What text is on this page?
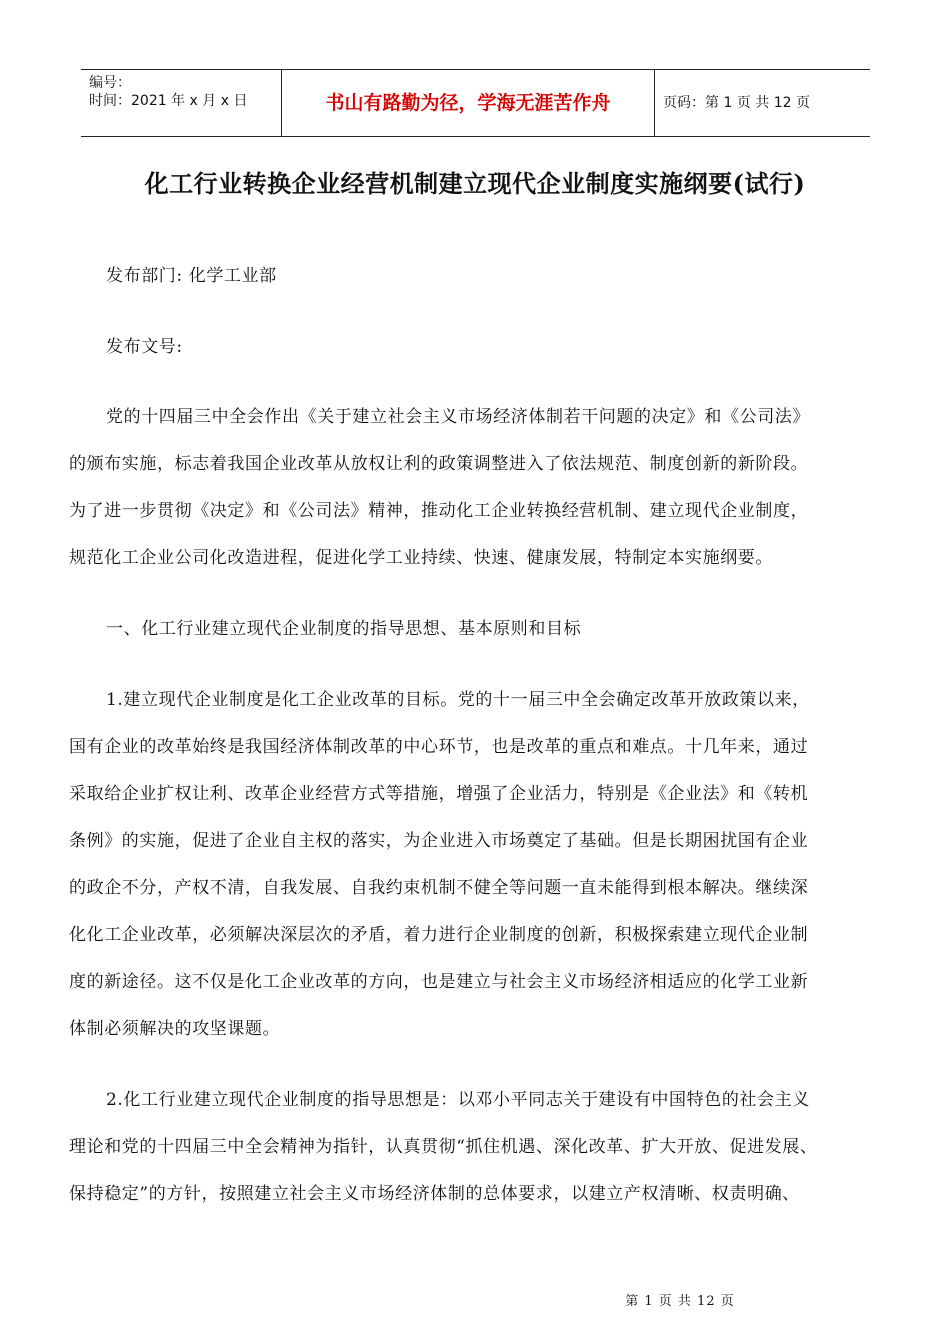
编号：
时间：2021 年 x 月 x 日	书山有路勤为径，学海无涯苦作舟	页码：第 1 页 共 12 页
化工行业转换企业经营机制建立现代企业制度实施纲要(试行)

发布部门: 化学工业部

发布文号:

党的十四届三中全会作出《关于建立社会主义市场经济体制若干问题的决定》和《公司法》

的颁布实施，标志着我国企业改革从放权让利的政策调整进入了依法规范、制度创新的新阶段。

为了进一步贯彻《决定》和《公司法》精神，推动化工企业转换经营机制、建立现代企业制度，

规范化工企业公司化改造进程，促进化学工业持续、快速、健康发展，特制定本实施纲要。

一、化工行业建立现代企业制度的指导思想、基本原则和目标

1.建立现代企业制度是化工企业改革的目标。党的十一届三中全会确定改革开放政策以来，

国有企业的改革始终是我国经济体制改革的中心环节，也是改革的重点和难点。十几年来，通过

采取给企业扩权让利、改革企业经营方式等措施，增强了企业活力，特别是《企业法》和《转机

条例》的实施，促进了企业自主权的落实，为企业进入市场奠定了基础。但是长期困扰国有企业

的政企不分，产权不清，自我发展、自我约束机制不健全等问题一直未能得到根本解决。继续深

化化工企业改革，必须解决深层次的矛盾，着力进行企业制度的创新，积极探索建立现代企业制

度的新途径。这不仅是化工企业改革的方向，也是建立与社会主义市场经济相适应的化学工业新

体制必须解决的攻坚课题。

2.化工行业建立现代企业制度的指导思想是：以邓小平同志关于建设有中国特色的社会主义

理论和党的十四届三中全会精神为指针，认真贯彻“抓住机遇、深化改革、扩大开放、促进发展、

保持稳定”的方针，按照建立社会主义市场经济体制的总体要求，以建立产权清晰、权责明确、

第 1 页 共 12 页
